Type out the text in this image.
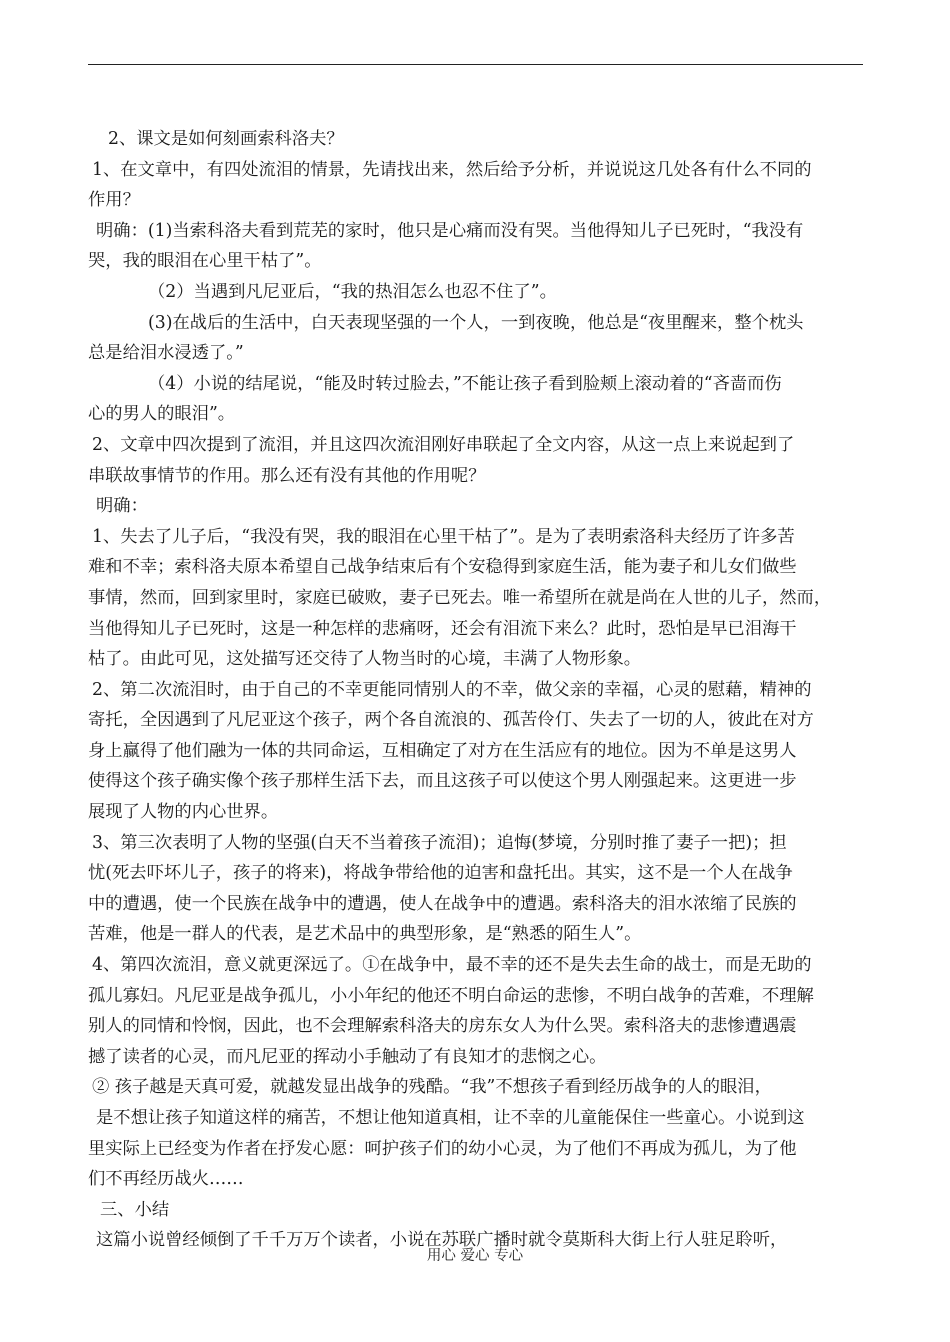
2、课文是如何刻画索科洛夫？

1、在文章中，有四处流泪的情景，先请找出来，然后给予分析，并说说这几处各有什么不同的

作用？

明确：(1)当索科洛夫看到荒芜的家时，他只是心痛而没有哭。当他得知儿子已死时，“我没有

哭，我的眼泪在心里干枯了”。

（2）当遇到凡尼亚后，“我的热泪怎么也忍不住了”。

(3)在战后的生活中，白天表现坚强的一个人，一到夜晚，他总是“夜里醒来，整个枕头

总是给泪水浸透了。”

（4）小说的结尾说，“能及时转过脸去，”不能让孩子看到脸颊上滚动着的“吝啬而伤

心的男人的眼泪”。

2、文章中四次提到了流泪，并且这四次流泪刚好串联起了全文内容，从这一点上来说起到了

串联故事情节的作用。那么还有没有其他的作用呢？

明确：

1、失去了儿子后，“我没有哭，我的眼泪在心里干枯了”。是为了表明索洛科夫经历了许多苦

难和不幸；索科洛夫原本希望自己战争结束后有个安稳得到家庭生活，能为妻子和儿女们做些

事情，然而，回到家里时，家庭已破败，妻子已死去。唯一希望所在就是尚在人世的儿子，然而，

当他得知儿子已死时，这是一种怎样的悲痛呀，还会有泪流下来么？此时，恐怕是早已泪海干

枯了。由此可见，这处描写还交待了人物当时的心境，丰满了人物形象。

2、第二次流泪时，由于自己的不幸更能同情别人的不幸，做父亲的幸福，心灵的慰藉，精神的

寄托，全因遇到了凡尼亚这个孩子，两个各自流浪的、孤苦伶仃、失去了一切的人，彼此在对方

身上赢得了他们融为一体的共同命运，互相确定了对方在生活应有的地位。因为不单是这男人

使得这个孩子确实像个孩子那样生活下去，而且这孩子可以使这个男人刚强起来。这更进一步

展现了人物的内心世界。

3、第三次表明了人物的坚强(白天不当着孩子流泪)；追悔(梦境，分别时推了妻子一把)；担

忧(死去吓坏儿子，孩子的将来)，将战争带给他的迫害和盘托出。其实，这不是一个人在战争

中的遭遇，使一个民族在战争中的遭遇，使人在战争中的遭遇。索科洛夫的泪水浓缩了民族的

苦难，他是一群人的代表，是艺术品中的典型形象，是“熟悉的陌生人”。

4、第四次流泪，意义就更深远了。①在战争中，最不幸的还不是失去生命的战士，而是无助的

孤儿寡妇。凡尼亚是战争孤儿，小小年纪的他还不明白命运的悲惨，不明白战争的苦难，不理解

别人的同情和怜悯，因此，也不会理解索科洛夫的房东女人为什么哭。索科洛夫的悲惨遭遇震

撼了读者的心灵，而凡尼亚的挥动小手触动了有良知才的悲悯之心。

② 孩子越是天真可爱，就越发显出战争的残酷。“我”不想孩子看到经历战争的人的眼泪，

是不想让孩子知道这样的痛苦，不想让他知道真相，让不幸的儿童能保住一些童心。小说到这

里实际上已经变为作者在抒发心愿：呵护孩子们的幼小心灵，为了他们不再成为孤儿，为了他

们不再经历战火……

三、小结

这篇小说曾经倾倒了千千万万个读者，小说在苏联广播时就令莫斯科大街上行人驻足聆听，

用心 爱心 专心
